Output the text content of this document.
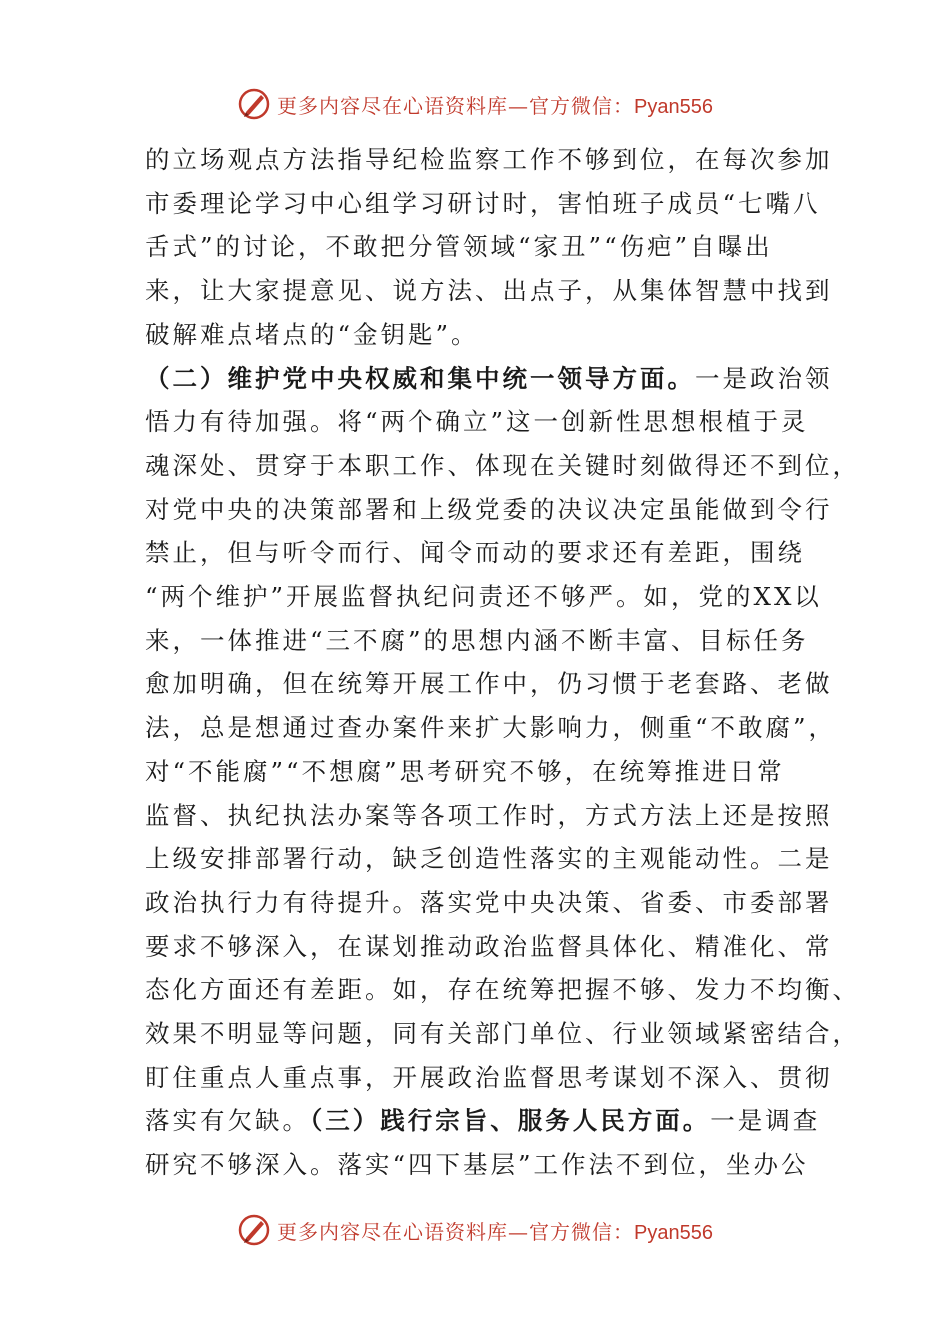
更多内容尽在心语资料库—官方微信：Pyan556
的立场观点方法指导纪检监察工作不够到位，在每次参加
市委理论学习中心组学习研讨时，害怕班子成员“七嘴八
舌式”的讨论，不敢把分管领域“家丑”“伤疤”自曝出
来，让大家提意见、说方法、出点子，从集体智慧中找到
破解难点堵点的“金钥匙”。
（二）维护党中央权威和集中统一领导方面。一是政治领
悟力有待加强。将“两个确立”这一创新性思想根植于灵
魂深处、贯穿于本职工作、体现在关键时刻做得还不到位，
对党中央的决策部署和上级党委的决议决定虽能做到令行
禁止，但与听令而行、闻令而动的要求还有差距，围绕
“两个维护”开展监督执纪问责还不够严。如，党的XX以
来，一体推进“三不腐”的思想内涵不断丰富、目标任务
愈加明确，但在统筹开展工作中，仍习惯于老套路、老做
法，总是想通过查办案件来扩大影响力，侧重“不敢腐”，
对“不能腐”“不想腐”思考研究不够，在统筹推进日常
监督、执纪执法办案等各项工作时，方式方法上还是按照
上级安排部署行动，缺乏创造性落实的主观能动性。二是
政治执行力有待提升。落实党中央决策、省委、市委部署
要求不够深入，在谋划推动政治监督具体化、精准化、常
态化方面还有差距。如，存在统筹把握不够、发力不均衡、
效果不明显等问题，同有关部门单位、行业领域紧密结合，
盯住重点人重点事，开展政治监督思考谋划不深入、贯彻
落实有欠缺。（三）践行宗旨、服务人民方面。一是调查
研究不够深入。落实“四下基层”工作法不到位，坐办公
更多内容尽在心语资料库—官方微信：Pyan556
